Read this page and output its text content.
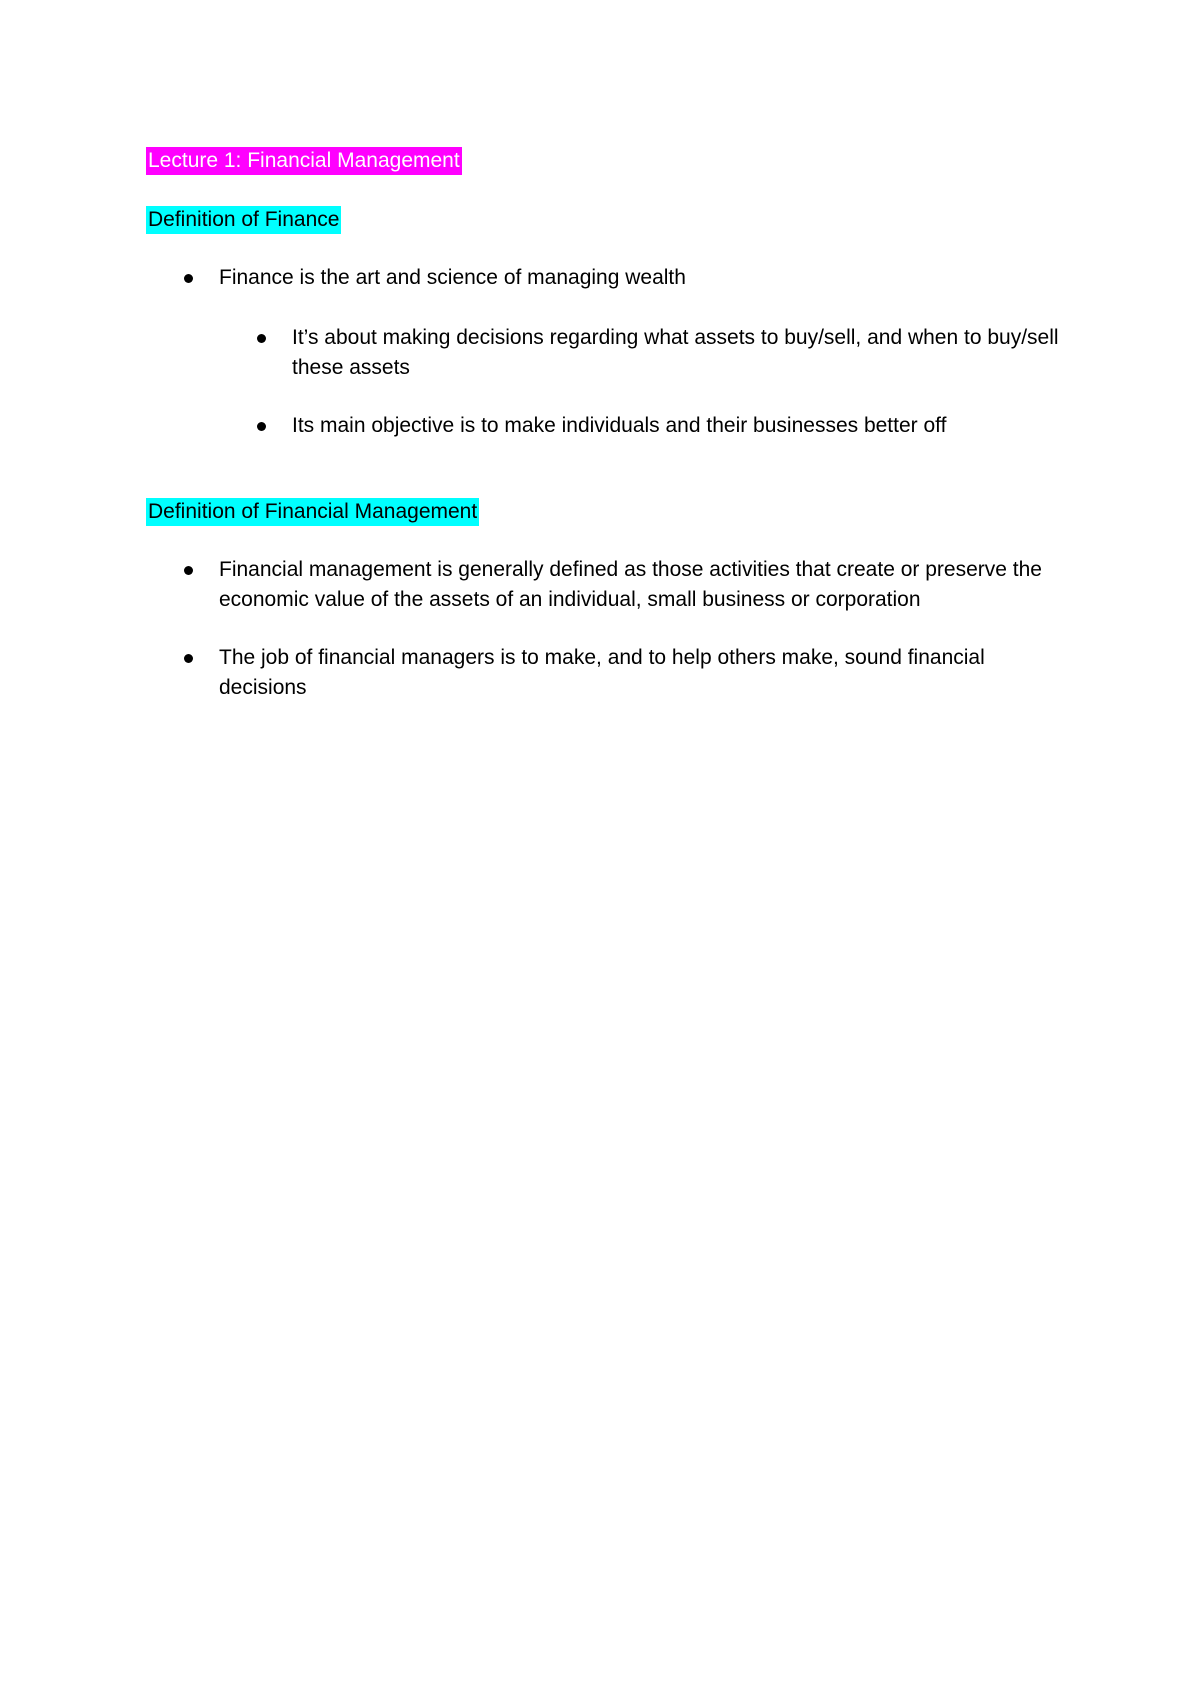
Lecture 1: Financial Management
Definition of Finance
Finance is the art and science of managing wealth
It’s about making decisions regarding what assets to buy/sell, and when to buy/sell these assets
Its main objective is to make individuals and their businesses better off
Definition of Financial Management
Financial management is generally defined as those activities that create or preserve the economic value of the assets of an individual, small business or corporation
The job of financial managers is to make, and to help others make, sound financial decisions
